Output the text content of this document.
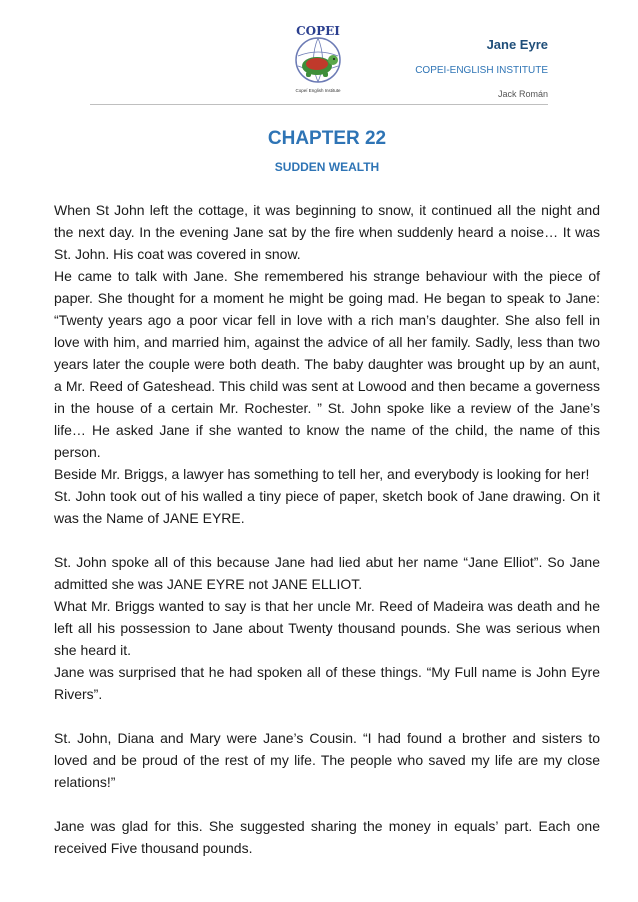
COPEI
Copeí English Institute
Jane Eyre
COPEI-ENGLISH INSTITUTE
Jack Román
CHAPTER 22
SUDDEN WEALTH

When St John left the cottage, it was beginning to snow, it continued all the night and the next day. In the evening Jane sat by the fire when suddenly heard a noise… It was St. John. His coat was covered in snow.

He came to talk with Jane. She remembered his strange behaviour with the piece of paper. She thought for a moment he might be going mad. He began to speak to Jane: “Twenty years ago a poor vicar fell in love with a rich man’s daughter. She also fell in love with him, and married him, against the advice of all her family. Sadly, less than two years later the couple were both death. The baby daughter was brought up by an aunt, a Mr. Reed of Gateshead. This child was sent at Lowood and then became a governess in the house of a certain Mr. Rochester. ” St. John spoke like a review of the Jane’s life… He asked Jane if she wanted to know the name of the child, the name of this person.

Beside Mr. Briggs, a lawyer has something to tell her, and everybody is looking for her!

St. John took out of his walled a tiny piece of paper, sketch book of Jane drawing. On it was the Name of JANE EYRE.

St. John spoke all of this because Jane had lied abut her name “Jane Elliot”. So Jane admitted she was JANE EYRE not JANE ELLIOT.

What Mr. Briggs wanted to say is that her uncle Mr. Reed of Madeira was death and he left all his possession to Jane about Twenty thousand pounds. She was serious when she heard it.

Jane was surprised that he had spoken all of these things. “My Full name is John Eyre Rivers”.

St. John, Diana and Mary were Jane’s Cousin. “I had found a brother and sisters to loved and be proud of the rest of my life. The people who saved my life are my close relations!”

Jane was glad for this. She suggested sharing the money in equals’ part. Each one received Five thousand pounds.
